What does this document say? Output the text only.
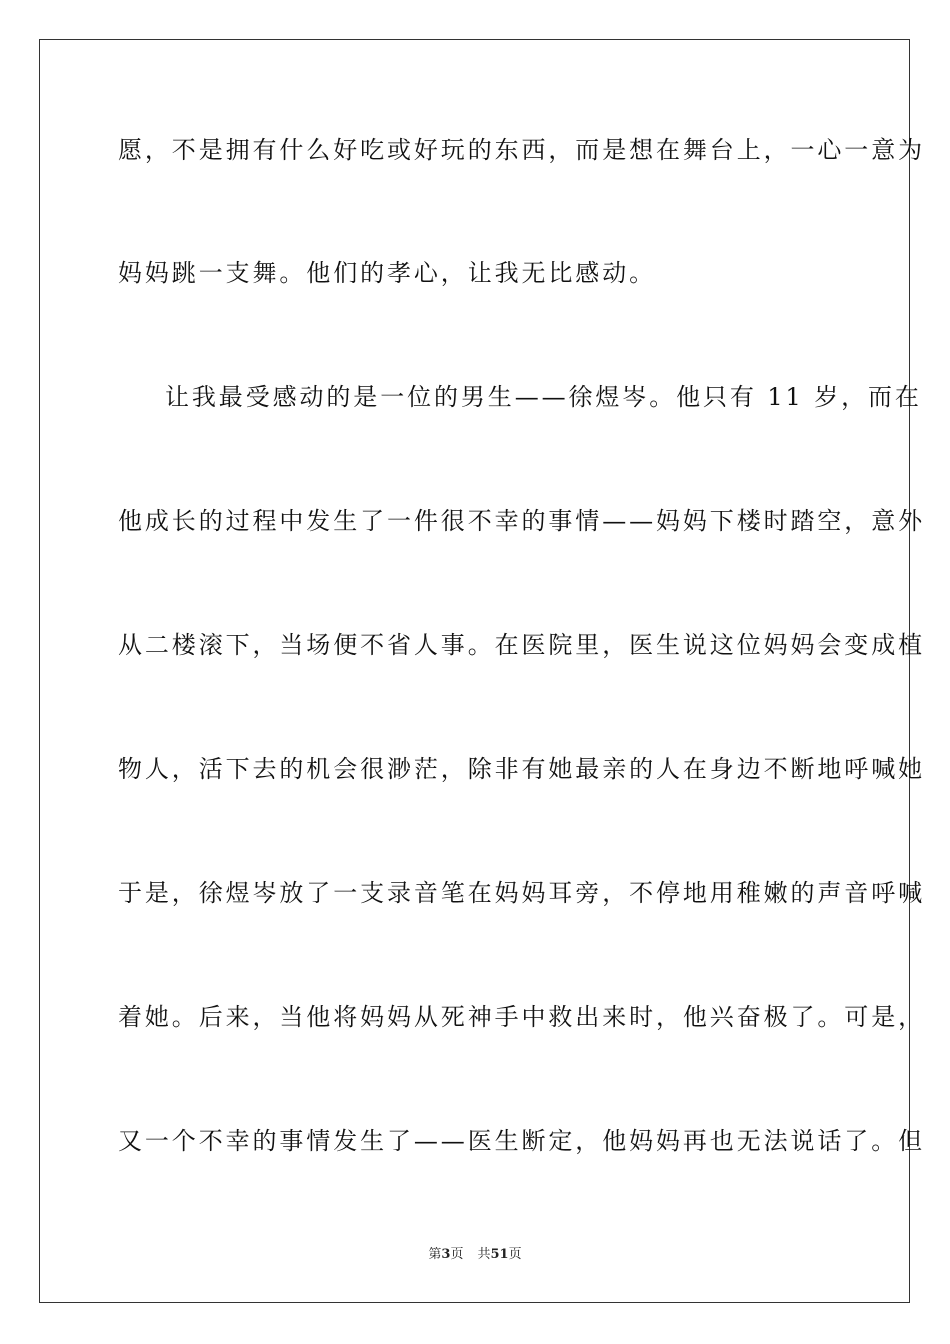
愿，不是拥有什么好吃或好玩的东西，而是想在舞台上，一心一意为
妈妈跳一支舞。他们的孝心，让我无比感动。
让我最受感动的是一位的男生——徐煜岑。他只有 11 岁，而在
他成长的过程中发生了一件很不幸的事情——妈妈下楼时踏空，意外
从二楼滚下，当场便不省人事。在医院里，医生说这位妈妈会变成植
物人，活下去的机会很渺茫，除非有她最亲的人在身边不断地呼喊她
于是，徐煜岑放了一支录音笔在妈妈耳旁，不停地用稚嫩的声音呼喊
着她。后来，当他将妈妈从死神手中救出来时，他兴奋极了。可是，
又一个不幸的事情发生了——医生断定，他妈妈再也无法说话了。但
第3页 共51页
